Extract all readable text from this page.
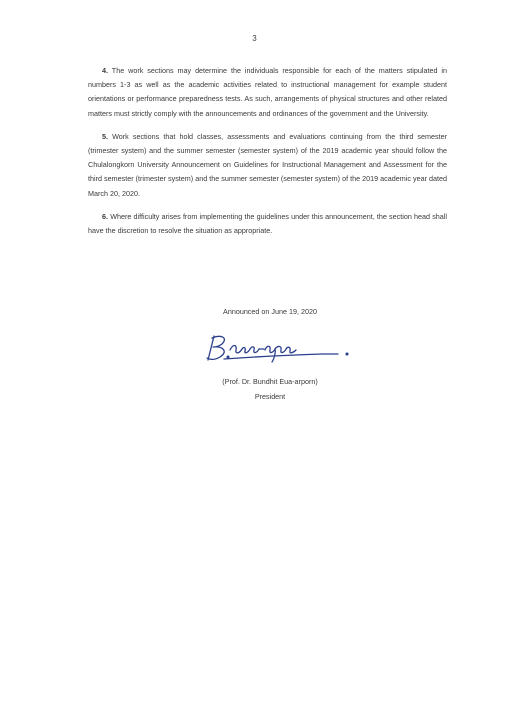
3

4. The work sections may determine the individuals responsible for each of the matters stipulated in numbers 1-3 as well as the academic activities related to instructional management for example student orientations or performance preparedness tests. As such, arrangements of physical structures and other related matters must strictly comply with the announcements and ordinances of the government and the University.

5. Work sections that hold classes, assessments and evaluations continuing from the third semester (trimester system) and the summer semester (semester system) of the 2019 academic year should follow the Chulalongkorn University Announcement on Guidelines for Instructional Management and Assessment for the third semester (trimester system) and the summer semester (semester system) of the 2019 academic year dated March 20, 2020.

6. Where difficulty arises from implementing the guidelines under this announcement, the section head shall have the discretion to resolve the situation as appropriate.

Announced on June 19, 2020
(Prof. Dr. Bundhit Eua-arporn)
President
